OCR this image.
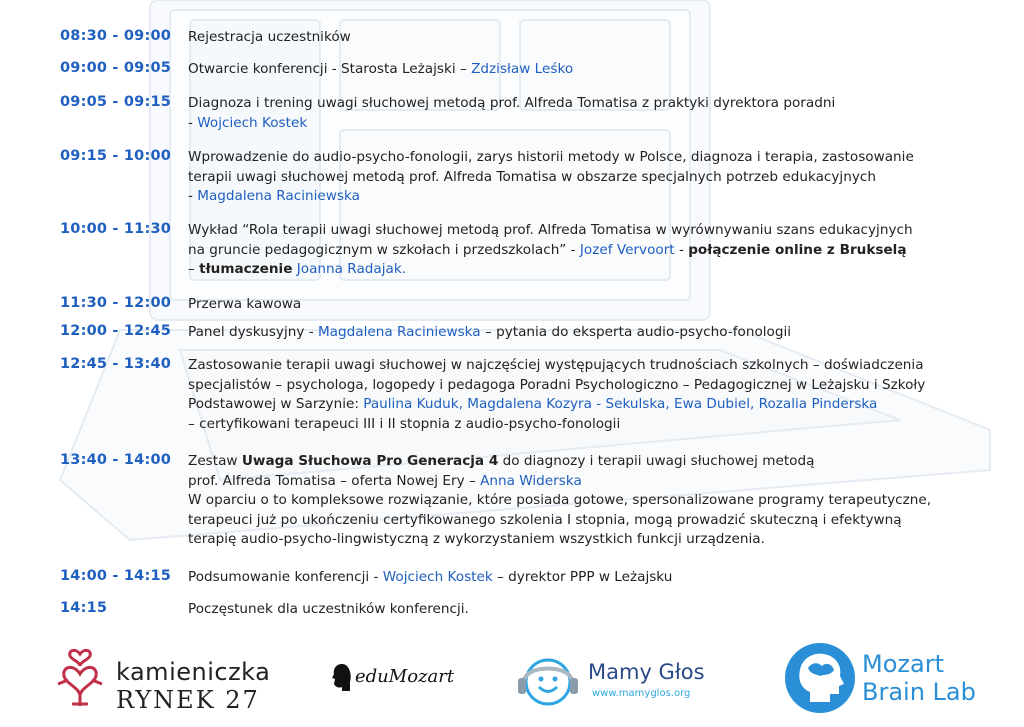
08:30 - 09:00 Rejestracja uczestników
09:00 - 09:05 Otwarcie konferencji - Starosta Leżajski – Zdzisław Leśko
09:05 - 09:15 Diagnoza i trening uwagi słuchowej metodą prof. Alfreda Tomatisa z praktyki dyrektora poradni
- Wojciech Kostek
09:15 - 10:00 Wprowadzenie do audio-psycho-fonologii, zarys historii metody w Polsce, diagnoza i terapia, zastosowanie
terapii uwagi słuchowej metodą prof. Alfreda Tomatisa w obszarze specjalnych potrzeb edukacyjnych
- Magdalena Raciniewska
10:00 - 11:30 Wykład “Rola terapii uwagi słuchowej metodą prof. Alfreda Tomatisa w wyrównywaniu szans edukacyjnych
na gruncie pedagogicznym w szkołach i przedszkolach” - Jozef Vervoort - połączenie online z Brukselą
– tłumaczenie Joanna Radajak.
11:30 - 12:00 Przerwa kawowa
12:00 - 12:45 Panel dyskusyjny - Magdalena Raciniewska – pytania do eksperta audio-psycho-fonologii
12:45 - 13:40 Zastosowanie terapii uwagi słuchowej w najczęściej występujących trudnościach szkolnych – doświadczenia
specjalistów – psychologa, logopedy i pedagoga Poradni Psychologiczno – Pedagogicznej w Leżajsku i Szkoły
Podstawowej w Sarzynie: Paulina Kuduk, Magdalena Kozyra - Sekulska, Ewa Dubiel, Rozalia Pinderska
– certyfikowani terapeuci III i II stopnia z audio-psycho-fonologii
13:40 - 14:00 Zestaw Uwaga Słuchowa Pro Generacja 4 do diagnozy i terapii uwagi słuchowej metodą
prof. Alfreda Tomatisa – oferta Nowej Ery – Anna Widerska
W oparciu o to kompleksowe rozwiązanie, które posiada gotowe, spersonalizowane programy terapeutyczne,
terapeuci już po ukończeniu certyfikowanego szkolenia I stopnia, mogą prowadzić skuteczną i efektywną
terapię audio-psycho-lingwistyczną z wykorzystaniem wszystkich funkcji urządzenia.
14:00 - 14:15 Podsumowanie konferencji - Wojciech Kostek – dyrektor PPP w Leżajsku
14:15	Poczęstunek dla uczestników konferencji.
kamieniczka
RYNEK 27
eduMozart	Mamy Głos
www.mamyglos.org
Mozart
Brain Lab
